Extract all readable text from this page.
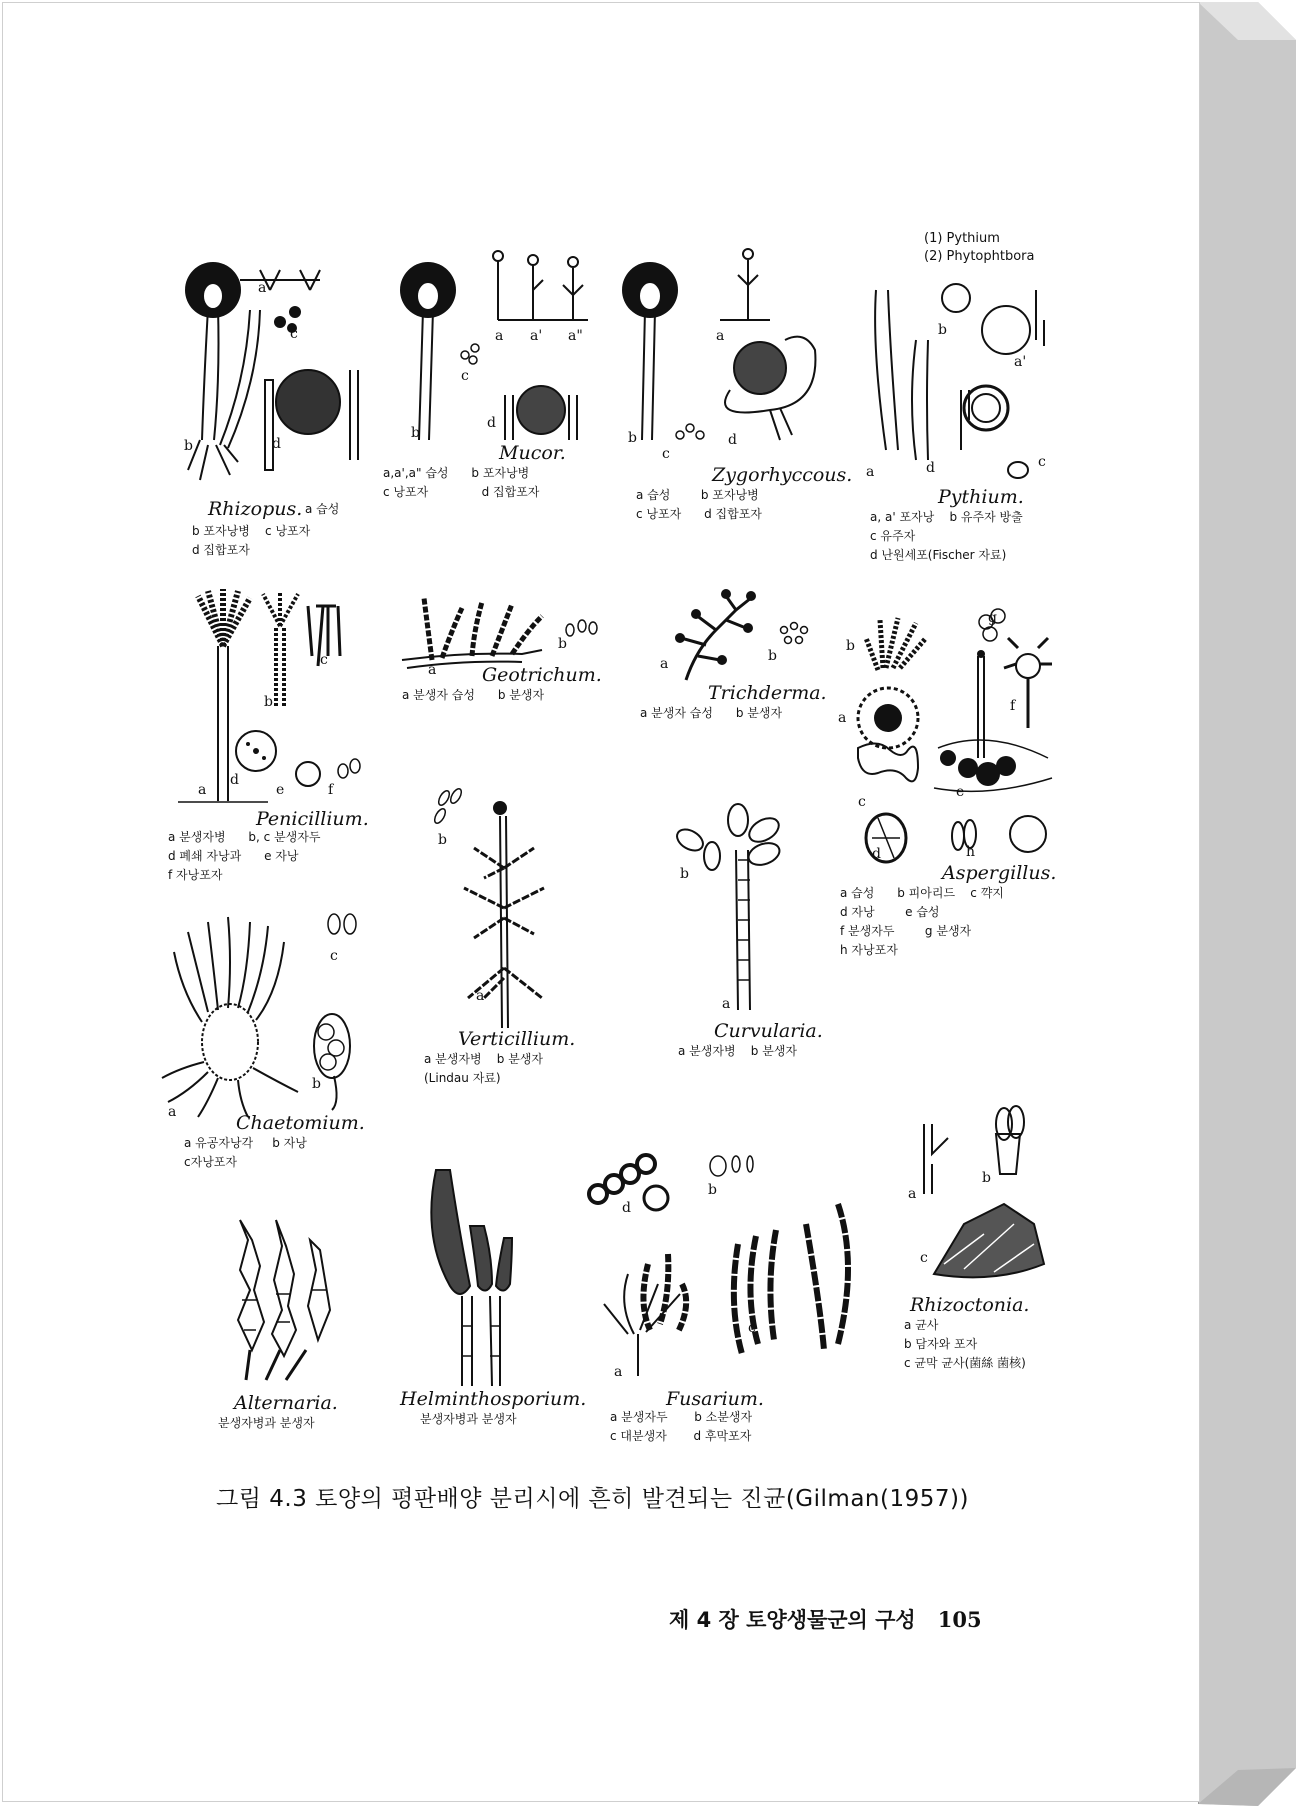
(1) Pythium
(2) Phytophtbora
a
c
b	d
Rhizopus. a 습성
b 포자낭병    c 낭포자
d 집합포자
a a' a"
c
b
d
Mucor.
a,a',a" 습성      b 포자낭병
c 낭포자              d 집합포자
a
b
c
d
Zygorhyccous.
a 습성        b 포자낭병
c 낭포자      d 집합포자
b
a'
a	d	c
Pythium.
a, a' 포자낭    b 유주자 방출
c 유주자
d 난원세포(Fischer 자료)
b
c
a
d
e	f
Penicillium.
a 분생자병      b, c 분생자두
d 폐쇄 자낭과      e 자낭
f 자낭포자
a
b
Geotrichum.
a 분생자 습성      b 분생자
a	b
Trichderma.
a 분생자 습성      b 분생자
b
g
a
f
c
e
d	h
Aspergillus.
a 습성      b 피아리드    c 꺅지
d 자낭        e 습성
f 분생자두        g 분생자
h 자낭포자
c
b
a	Chaetomium.
a 유공자낭각     b 자낭
c자낭포자
b
a
Verticillium.
a 분생자병    b 분생자
(Lindau 자료)
b
a
Curvularia.
a 분생자병    b 분생자
a
b
c
Rhizoctonia.
a 균사
b 담자와 포자
c 균막 균사(菌絲 菌核)
Alternaria.
분생자병과 분생자
Helminthosporium.
분생자병과 분생자
d
b
a
c
Fusarium.
a 분생자두       b 소분생자
c 대분생자       d 후막포자
그림 4.3 토양의 평판배양 분리시에 흔히 발견되는 진균(Gilman(1957))
제 4 장 토양생물군의 구성 105
